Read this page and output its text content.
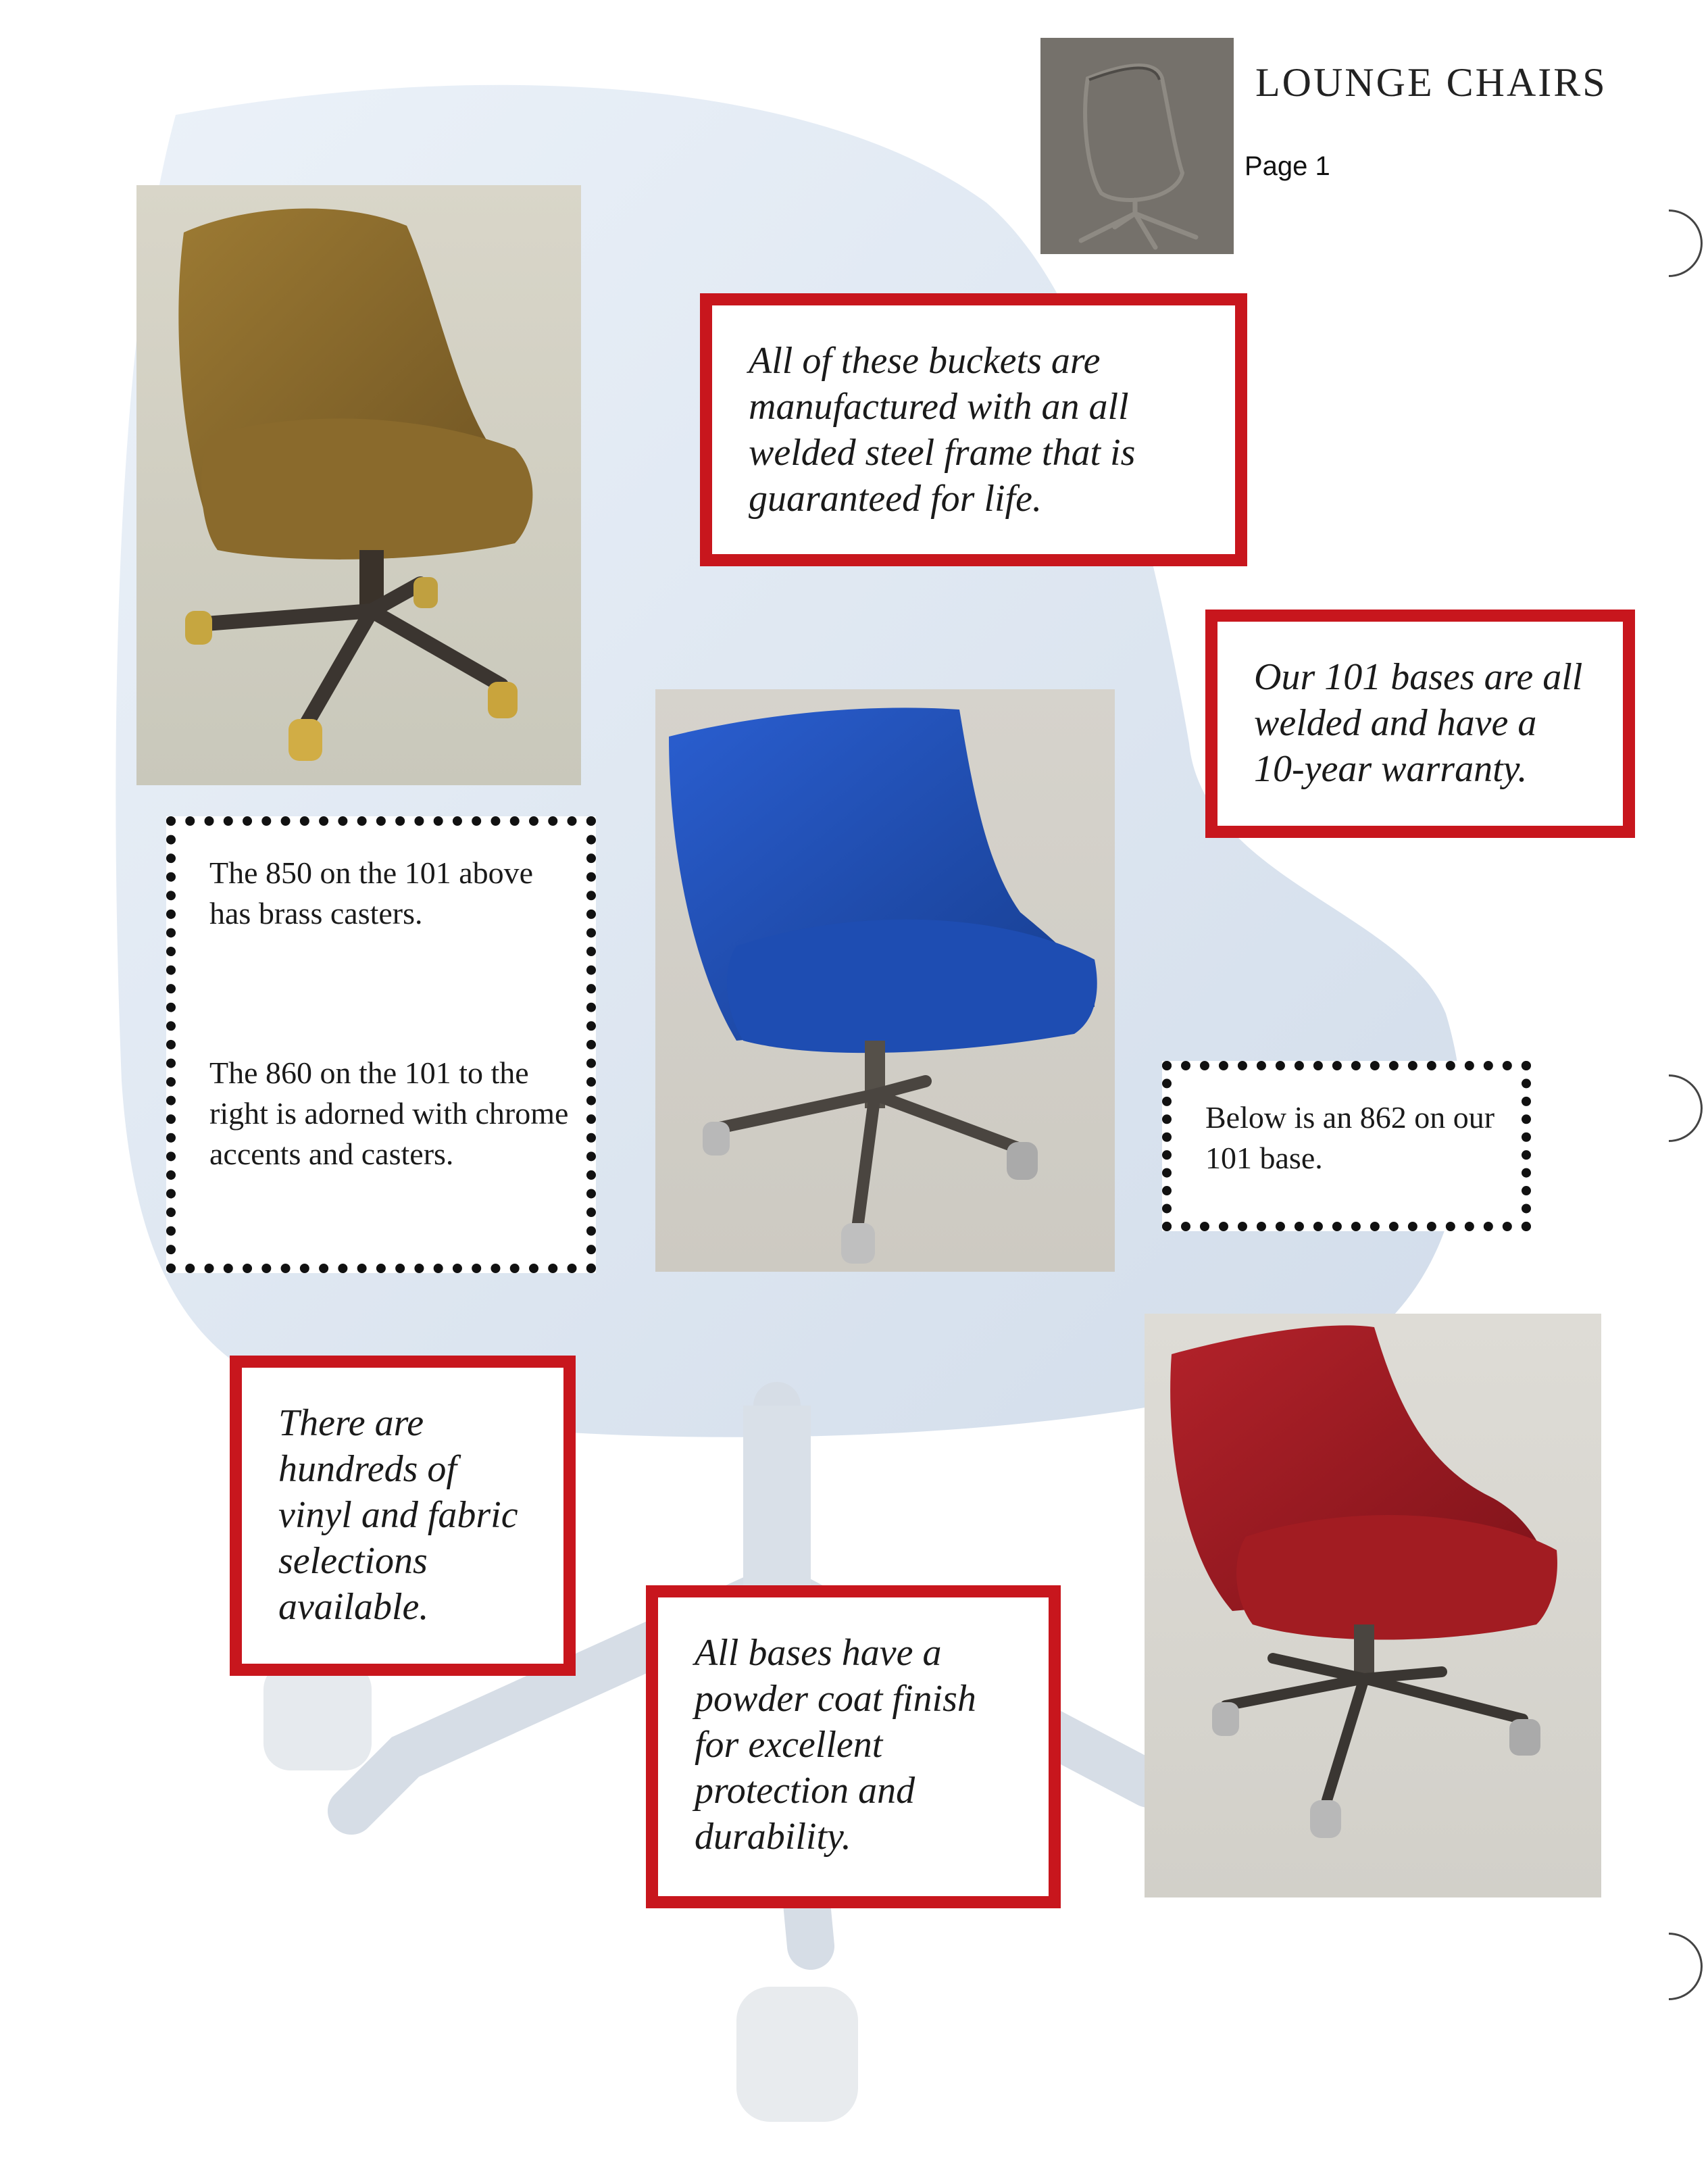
LOUNGE CHAIRS
Page 1
All of these buckets are manufactured with an all welded steel frame that is guaranteed for life.
Our 101 bases are all welded and have a 10-year warranty.
There are hundreds of vinyl and fabric selections available.
All bases have a powder coat finish for excellent protection and durability.
The 850 on the 101 above has brass casters.
The 860 on the 101 to the right is adorned with chrome accents and casters.
Below is an 862 on our 101 base.
